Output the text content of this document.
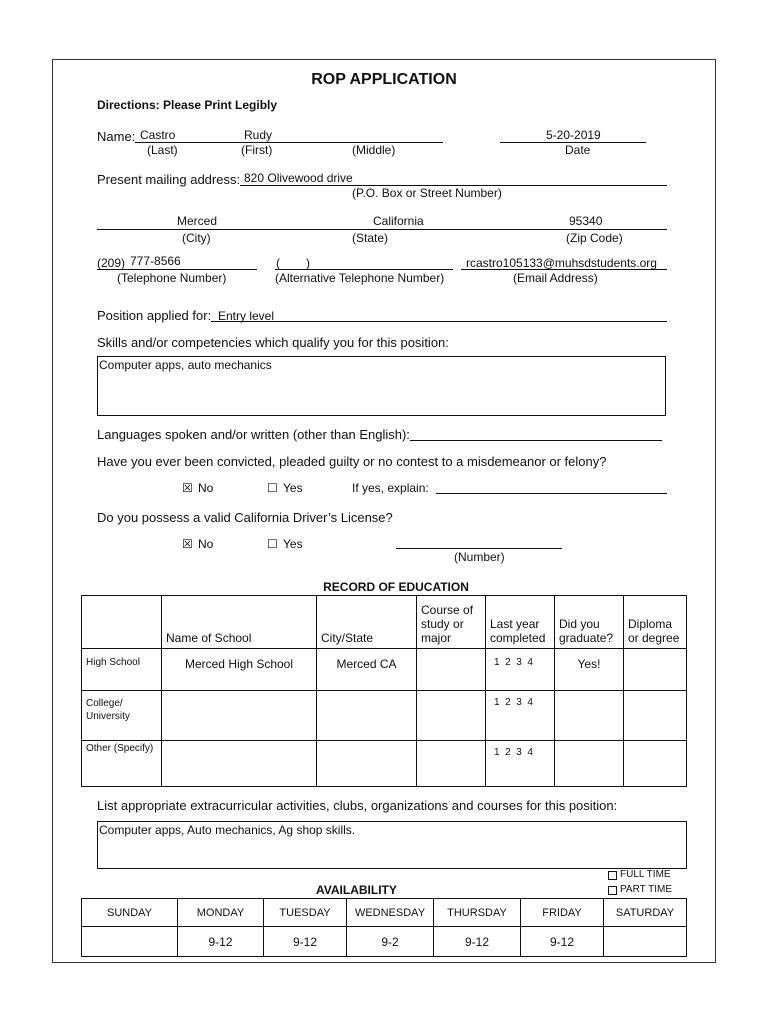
ROP APPLICATION
Directions: Please Print Legibly
Name: Castro	Rudy
(Last)	(First)	(Middle)
5-20-2019
Date
Present mailing address: 820 Olivewood drive
(P.O. Box or Street Number)
Merced	California	95340
(City)	(State)	(Zip Code)
(209) 777-8566
(Telephone Number)
( )
(Alternative Telephone Number)
rcastro105133@muhsdstudents.org
(Email Address)
Position applied for: Entry level
Skills and/or competencies which qualify you for this position:
Computer apps, auto mechanics
Languages spoken and/or written (other than English):
Have you ever been convicted, pleaded guilty or no contest to a misdemeanor or felony?
☒ No	☐ Yes	If yes, explain:
Do you possess a valid California Driver’s License?
☒ No	☐ Yes
(Number)
RECORD OF EDUCATION
	Name of School	City/State	Course of study or major	Last year completed	Did you graduate?	Diploma or degree
High School	Merced High School	Merced CA		1  2  3  4	Yes!	
College/ University				1  2  3  4		
Other (Specify)				1  2  3  4		
List appropriate extracurricular activities, clubs, organizations and courses for this position:
Computer apps, Auto mechanics, Ag shop skills.
FULL TIME
PART TIME
AVAILABILITY
SUNDAY	MONDAY	TUESDAY	WEDNESDAY	THURSDAY	FRIDAY	SATURDAY
	9-12	9-12	9-2	9-12	9-12	
